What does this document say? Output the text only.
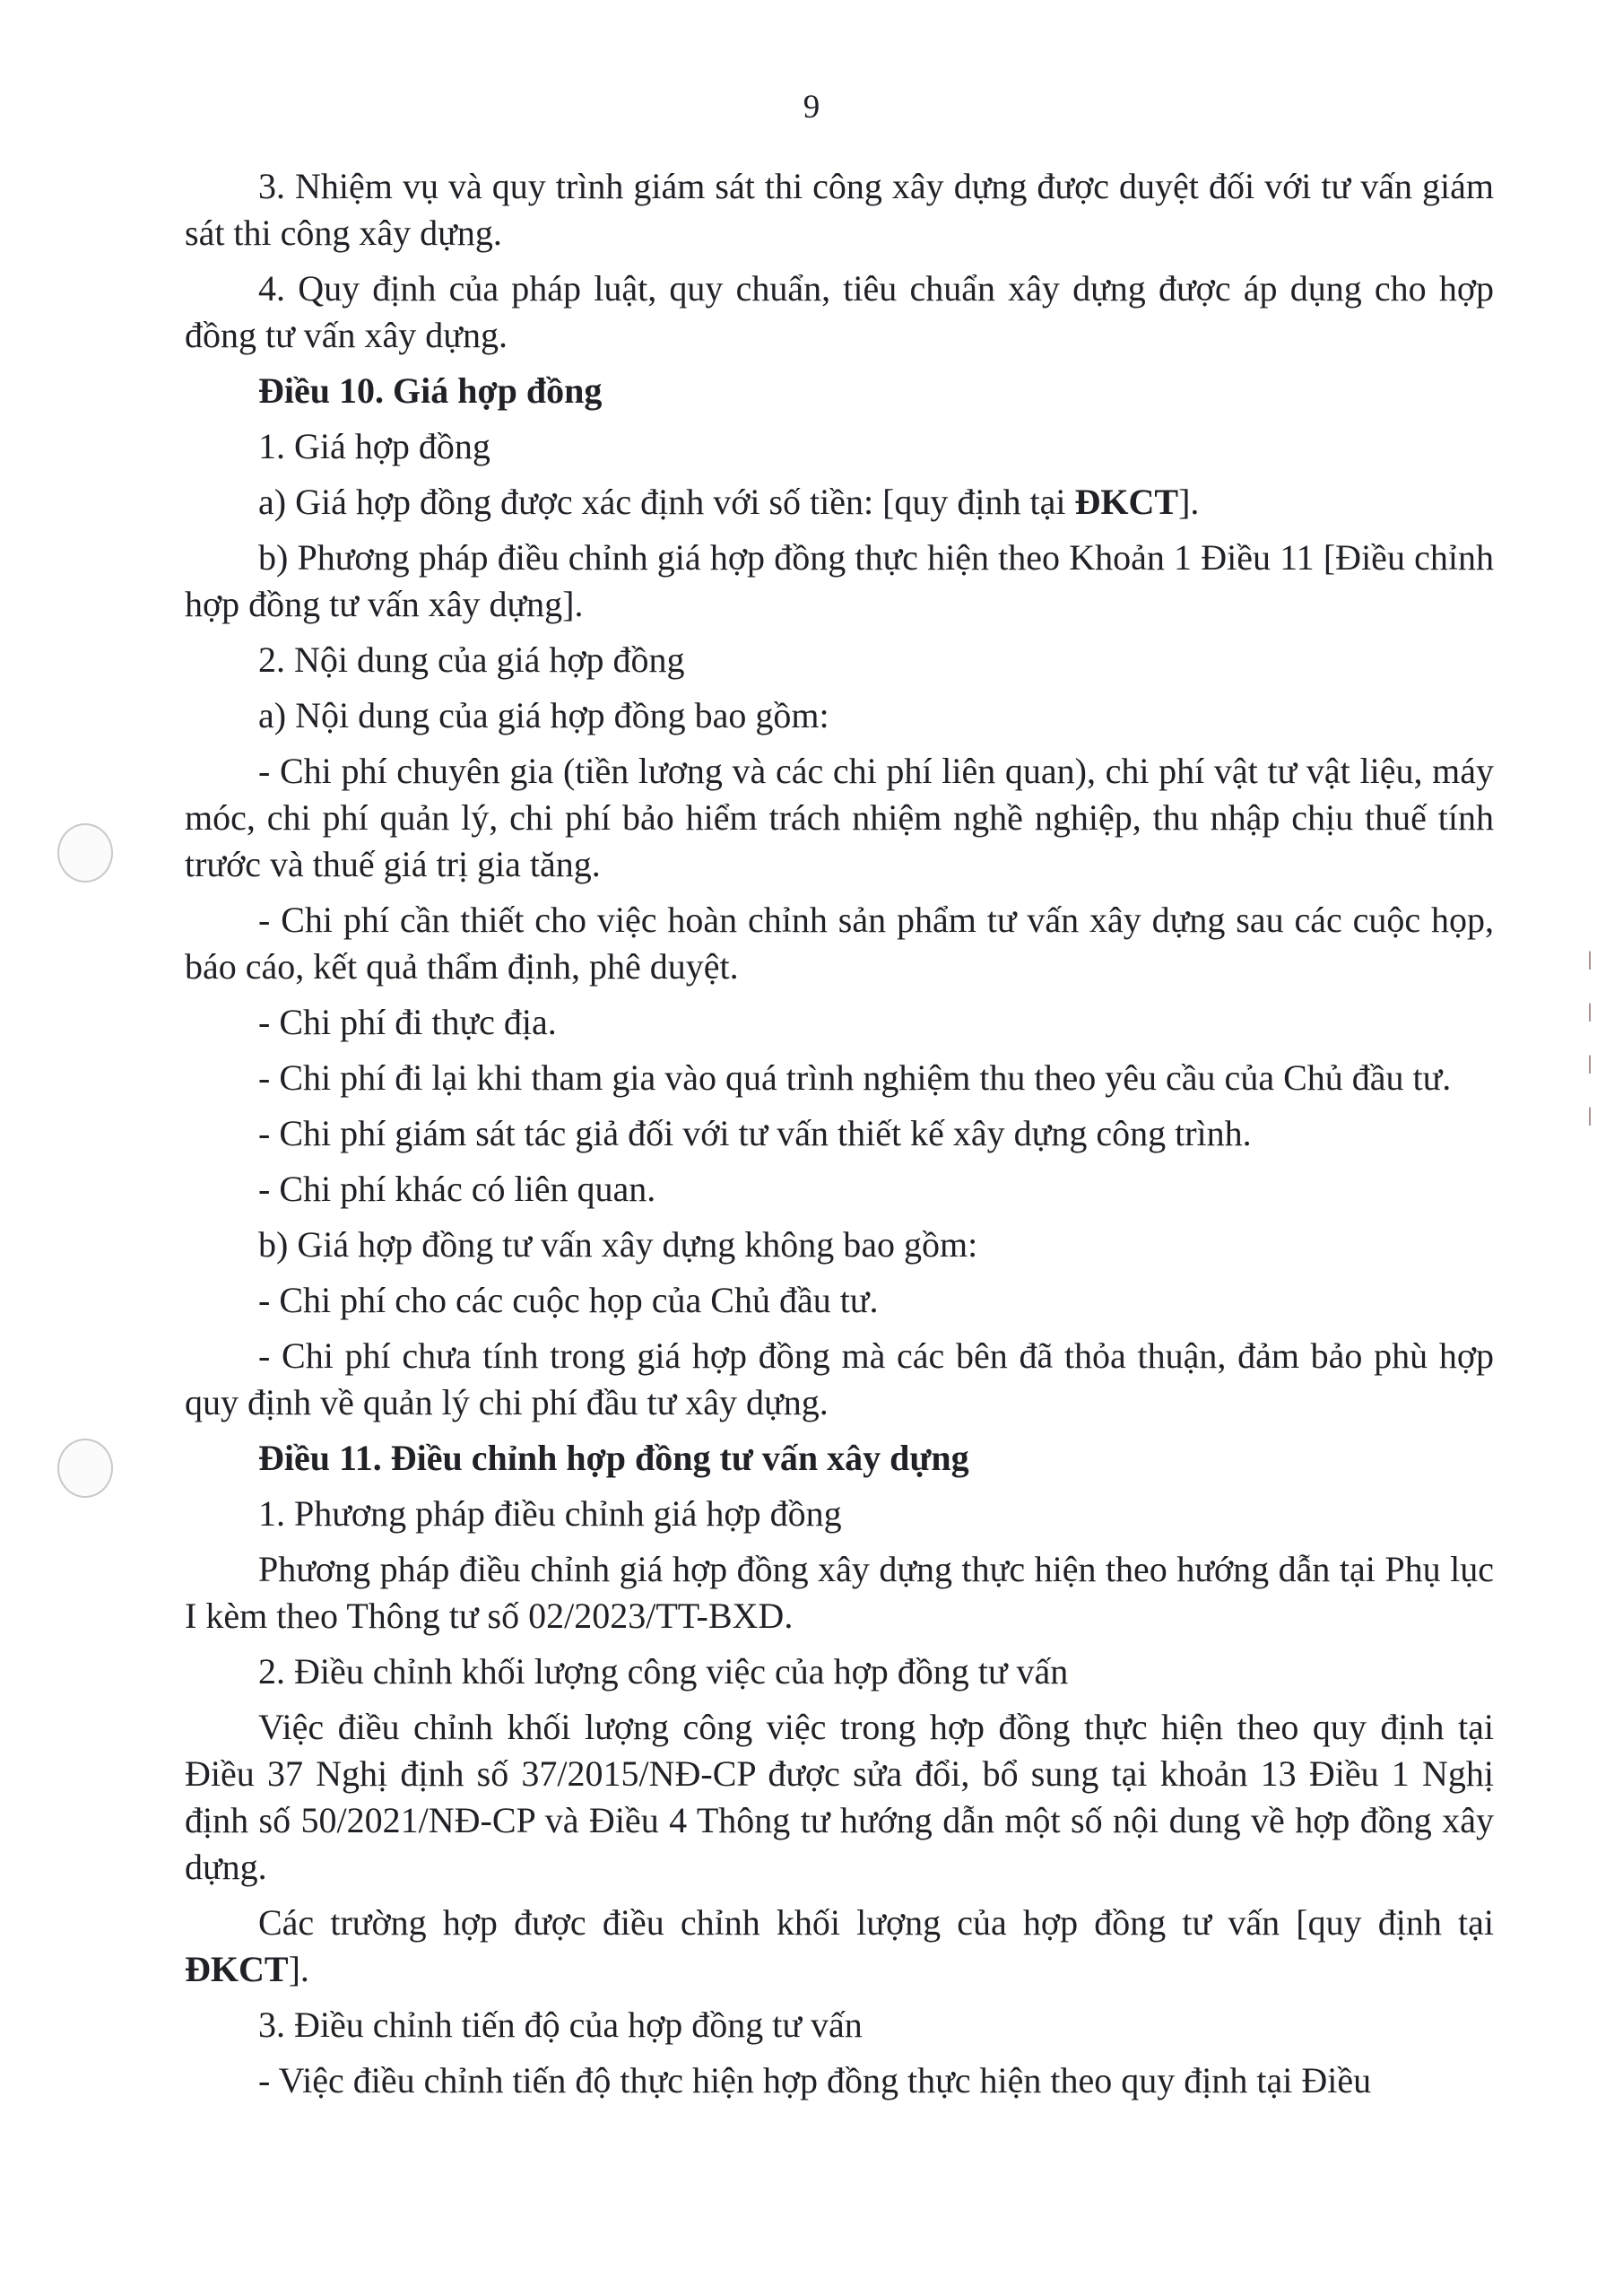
9
|
|
|
|

3. Nhiệm vụ và quy trình giám sát thi công xây dựng được duyệt đối với tư vấn giám sát thi công xây dựng.

4. Quy định của pháp luật, quy chuẩn, tiêu chuẩn xây dựng được áp dụng cho hợp đồng tư vấn xây dựng.

Điều 10. Giá hợp đồng

1. Giá hợp đồng

a) Giá hợp đồng được xác định với số tiền: [quy định tại ĐKCT].

b) Phương pháp điều chỉnh giá hợp đồng thực hiện theo Khoản 1 Điều 11 [Điều chỉnh hợp đồng tư vấn xây dựng].

2. Nội dung của giá hợp đồng

a) Nội dung của giá hợp đồng bao gồm:

- Chi phí chuyên gia (tiền lương và các chi phí liên quan), chi phí vật tư vật liệu, máy móc, chi phí quản lý, chi phí bảo hiểm trách nhiệm nghề nghiệp, thu nhập chịu thuế tính trước và thuế giá trị gia tăng.

- Chi phí cần thiết cho việc hoàn chỉnh sản phẩm tư vấn xây dựng sau các cuộc họp, báo cáo, kết quả thẩm định, phê duyệt.

- Chi phí đi thực địa.

- Chi phí đi lại khi tham gia vào quá trình nghiệm thu theo yêu cầu của Chủ đầu tư.

- Chi phí giám sát tác giả đối với tư vấn thiết kế xây dựng công trình.

- Chi phí khác có liên quan.

b) Giá hợp đồng tư vấn xây dựng không bao gồm:

- Chi phí cho các cuộc họp của Chủ đầu tư.

- Chi phí chưa tính trong giá hợp đồng mà các bên đã thỏa thuận, đảm bảo phù hợp quy định về quản lý chi phí đầu tư xây dựng.

Điều 11. Điều chỉnh hợp đồng tư vấn xây dựng

1. Phương pháp điều chỉnh giá hợp đồng

Phương pháp điều chỉnh giá hợp đồng xây dựng thực hiện theo hướng dẫn tại Phụ lục I kèm theo Thông tư số 02/2023/TT-BXD.

2. Điều chỉnh khối lượng công việc của hợp đồng tư vấn

Việc điều chỉnh khối lượng công việc trong hợp đồng thực hiện theo quy định tại Điều 37 Nghị định số 37/2015/NĐ-CP được sửa đổi, bổ sung tại khoản 13 Điều 1 Nghị định số 50/2021/NĐ-CP và Điều 4 Thông tư hướng dẫn một số nội dung về hợp đồng xây dựng.

Các trường hợp được điều chỉnh khối lượng của hợp đồng tư vấn [quy định tại ĐKCT].

3. Điều chỉnh tiến độ của hợp đồng tư vấn

- Việc điều chỉnh tiến độ thực hiện hợp đồng thực hiện theo quy định tại Điều
